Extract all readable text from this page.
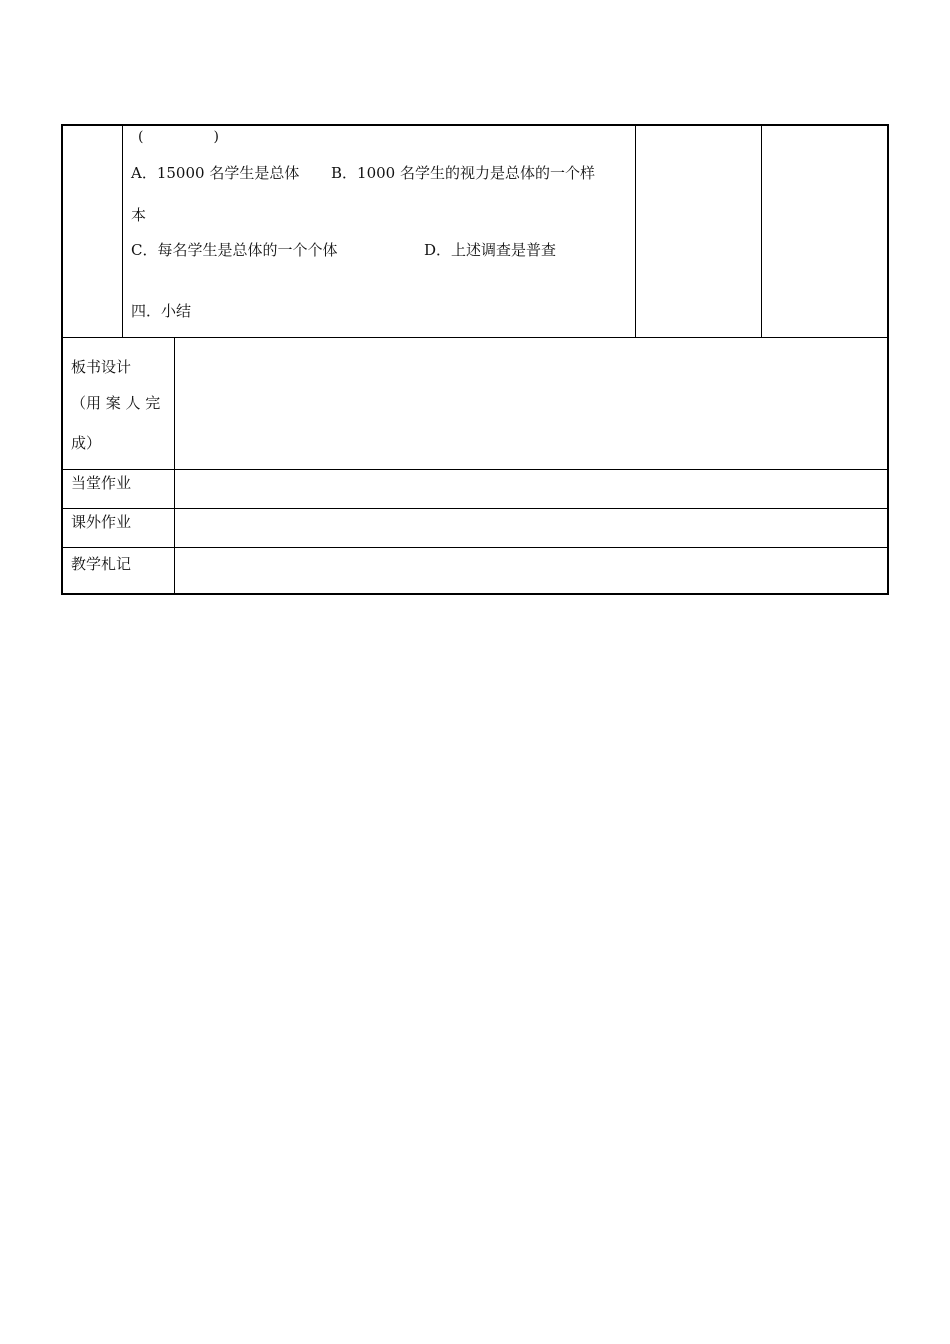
(　　　　　)
A．15000 名学生是总体 B．1000 名学生的视力是总体的一个样
本
C．每名学生是总体的一个个体	D．上述调查是普查
四．小结
板书设计
（用 案 人 完
成）
当堂作业
课外作业
教学札记
